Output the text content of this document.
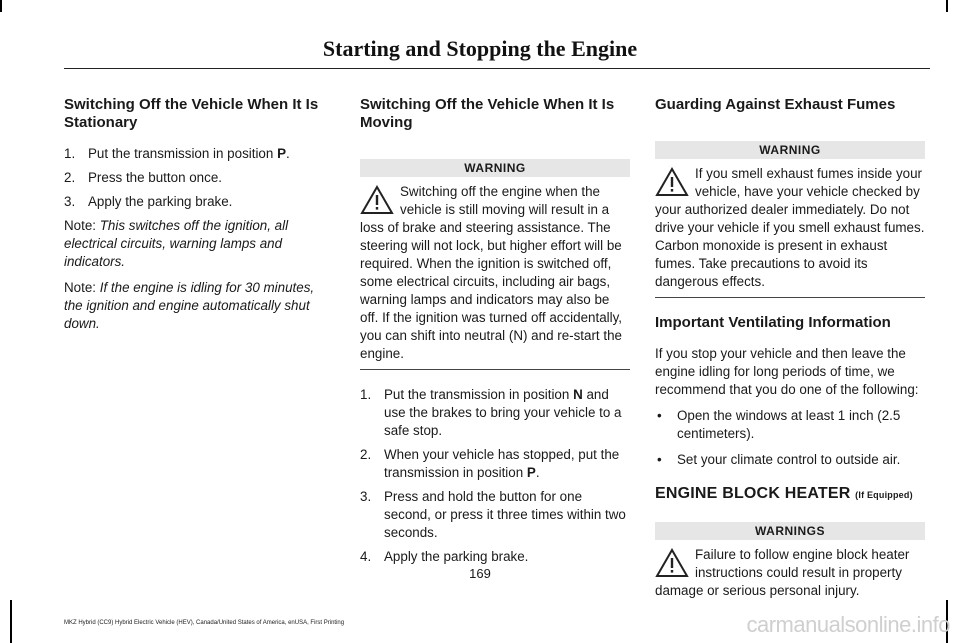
Starting and Stopping the Engine
Switching Off the Vehicle When It Is Stationary
1. Put the transmission in position P.
2. Press the button once.
3. Apply the parking brake.

Note: This switches off the ignition, all electrical circuits, warning lamps and indicators.

Note: If the engine is idling for 30 minutes, the ignition and engine automatically shut down.

Switching Off the Vehicle When It Is Moving
WARNING
Switching off the engine when the vehicle is still moving will result in a loss of brake and steering assistance. The steering will not lock, but higher effort will be required. When the ignition is switched off, some electrical circuits, including air bags, warning lamps and indicators may also be off. If the ignition was turned off accidentally, you can shift into neutral (N) and re-start the engine.
1. Put the transmission in position N and use the brakes to bring your vehicle to a safe stop.
2. When your vehicle has stopped, put the transmission in position P.
3. Press and hold the button for one second, or press it three times within two seconds.
4. Apply the parking brake.
Guarding Against Exhaust Fumes
WARNING
If you smell exhaust fumes inside your vehicle, have your vehicle checked by your authorized dealer immediately. Do not drive your vehicle if you smell exhaust fumes. Carbon monoxide is present in exhaust fumes. Take precautions to avoid its dangerous effects.
Important Ventilating Information

If you stop your vehicle and then leave the engine idling for long periods of time, we recommend that you do one of the following:

• Open the windows at least 1 inch (2.5 centimeters).
• Set your climate control to outside air.
ENGINE BLOCK HEATER (If Equipped)
WARNINGS
Failure to follow engine block heater instructions could result in property damage or serious personal injury.
169
MKZ Hybrid (CC9) Hybrid Electric Vehicle (HEV), Canada/United States of America, enUSA, First Printing	carmanualsonline.info
